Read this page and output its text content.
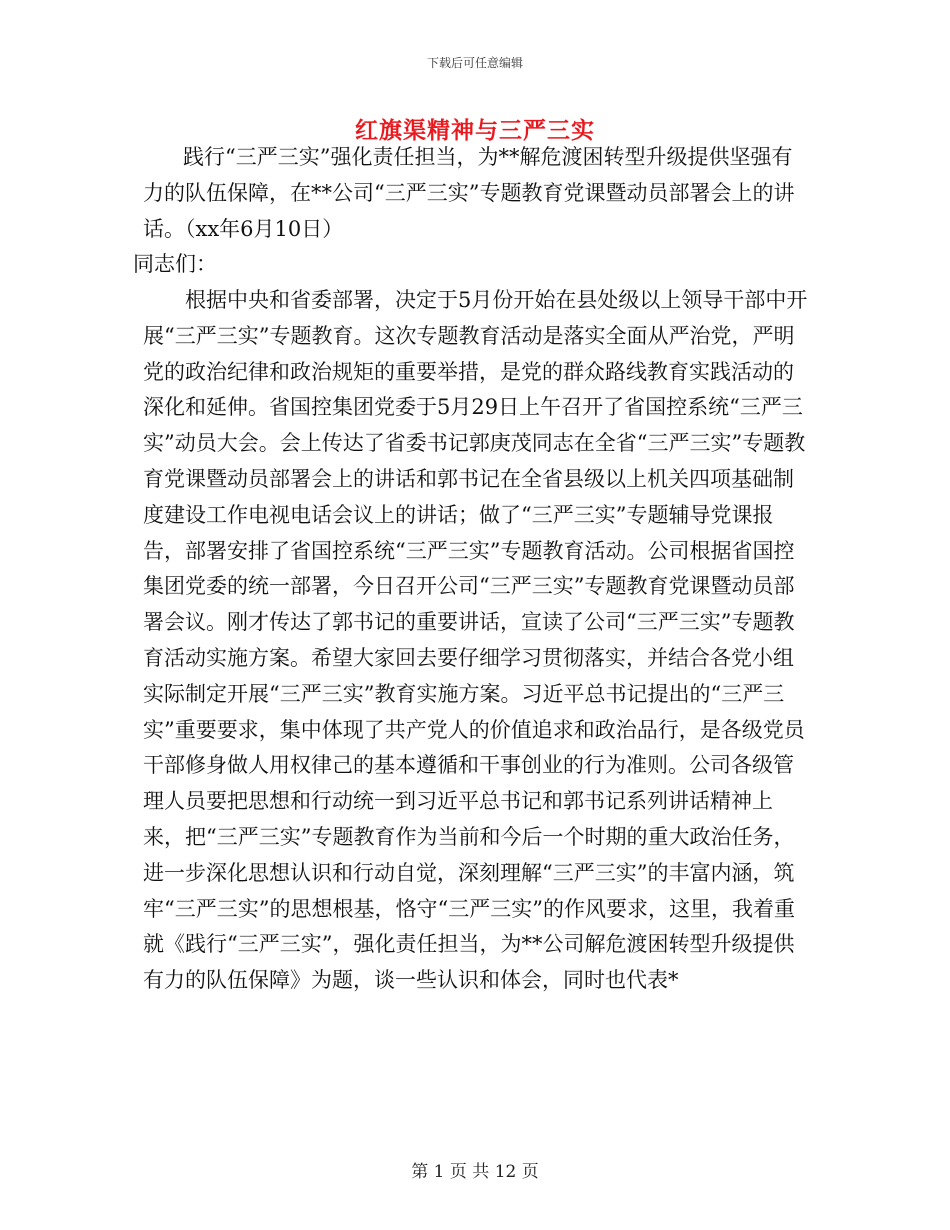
下载后可任意编辑
红旗渠精神与三严三实

践行“三严三实”强化责任担当，为**解危渡困转型升级提供坚强有力的队伍保障，在**公司“三严三实”专题教育党课暨动员部署会上的讲话。（xx年6月10日）

同志们：

根据中央和省委部署，决定于5月份开始在县处级以上领导干部中开展“三严三实”专题教育。这次专题教育活动是落实全面从严治党，严明党的政治纪律和政治规矩的重要举措，是党的群众路线教育实践活动的深化和延伸。省国控集团党委于5月29日上午召开了省国控系统“三严三实”动员大会。会上传达了省委书记郭庚茂同志在全省“三严三实”专题教育党课暨动员部署会上的讲话和郭书记在全省县级以上机关四项基础制度建设工作电视电话会议上的讲话；做了“三严三实”专题辅导党课报告，部署安排了省国控系统“三严三实”专题教育活动。公司根据省国控集团党委的统一部署，今日召开公司“三严三实”专题教育党课暨动员部署会议。刚才传达了郭书记的重要讲话，宣读了公司“三严三实”专题教育活动实施方案。希望大家回去要仔细学习贯彻落实，并结合各党小组实际制定开展“三严三实”教育实施方案。习近平总书记提出的“三严三实”重要要求，集中体现了共产党人的价值追求和政治品行，是各级党员干部修身做人用权律己的基本遵循和干事创业的行为准则。公司各级管理人员要把思想和行动统一到习近平总书记和郭书记系列讲话精神上来，把“三严三实”专题教育作为当前和今后一个时期的重大政治任务，进一步深化思想认识和行动自觉，深刻理解“三严三实”的丰富内涵，筑牢“三严三实”的思想根基，恪守“三严三实”的作风要求，这里，我着重就《践行“三严三实”，强化责任担当，为**公司解危渡困转型升级提供有力的队伍保障》为题，谈一些认识和体会，同时也代表*

第 1 页 共 12 页
